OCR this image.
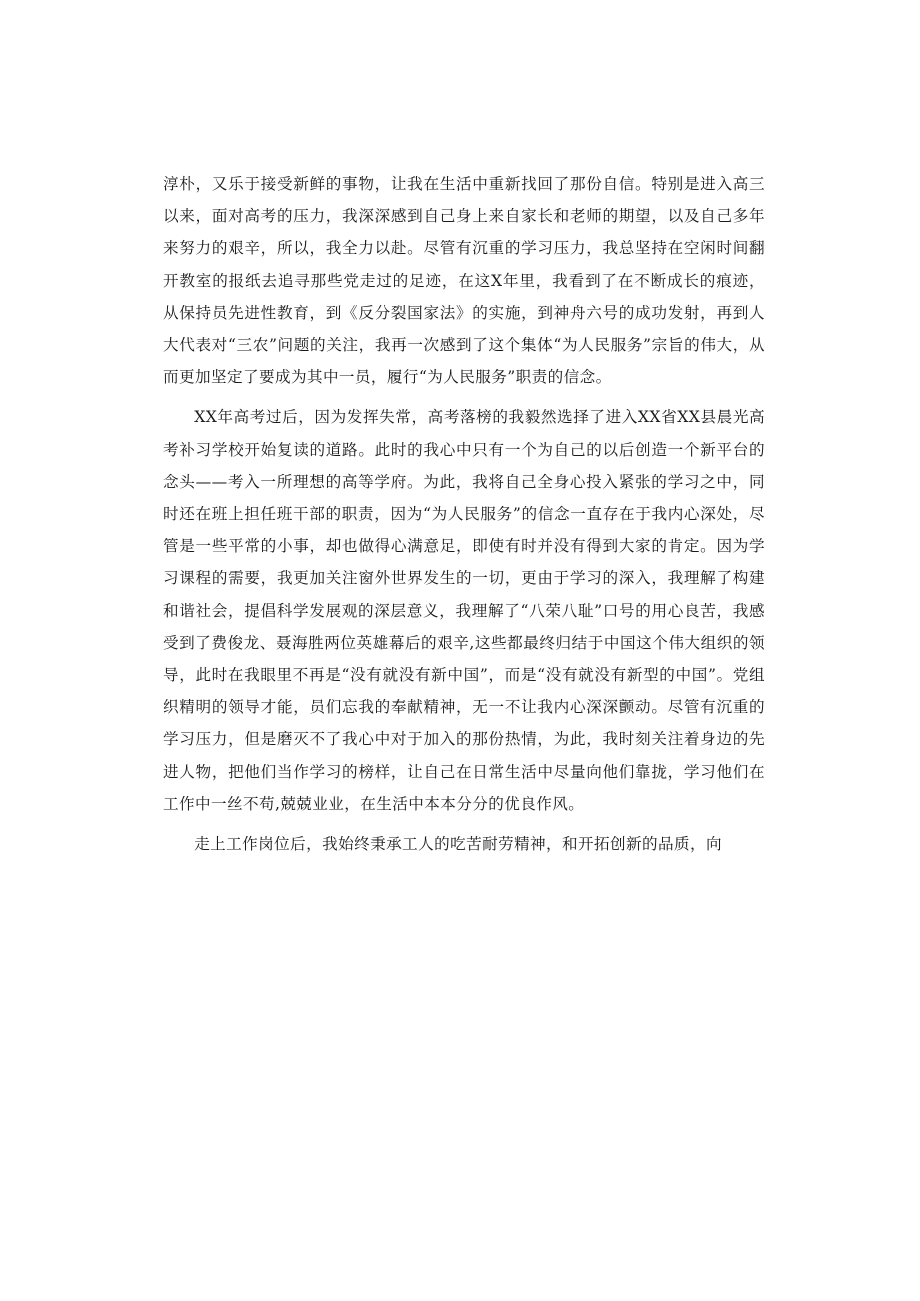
淳朴，又乐于接受新鲜的事物，让我在生活中重新找回了那份自信。特别是进入高三以来，面对高考的压力，我深深感到自己身上来自家长和老师的期望，以及自己多年来努力的艰辛，所以，我全力以赴。尽管有沉重的学习压力，我总坚持在空闲时间翻开教室的报纸去追寻那些党走过的足迹，在这X年里，我看到了在不断成长的痕迹，从保持员先进性教育，到《反分裂国家法》的实施，到神舟六号的成功发射，再到人大代表对“三农”问题的关注，我再一次感到了这个集体“为人民服务”宗旨的伟大，从而更加坚定了要成为其中一员，履行“为人民服务”职责的信念。

XX年高考过后，因为发挥失常，高考落榜的我毅然选择了进入XX省XX县晨光高考补习学校开始复读的道路。此时的我心中只有一个为自己的以后创造一个新平台的念头——考入一所理想的高等学府。为此，我将自己全身心投入紧张的学习之中，同时还在班上担任班干部的职责，因为“为人民服务”的信念一直存在于我内心深处，尽管是一些平常的小事，却也做得心满意足，即使有时并没有得到大家的肯定。因为学习课程的需要，我更加关注窗外世界发生的一切，更由于学习的深入，我理解了构建和谐社会，提倡科学发展观的深层意义，我理解了“八荣八耻”口号的用心良苦，我感受到了费俊龙、聂海胜两位英雄幕后的艰辛,这些都最终归结于中国这个伟大组织的领导，此时在我眼里不再是“没有就没有新中国”，而是“没有就没有新型的中国”。党组织精明的领导才能，员们忘我的奉献精神，无一不让我内心深深颤动。尽管有沉重的学习压力，但是磨灭不了我心中对于加入的那份热情，为此，我时刻关注着身边的先进人物，把他们当作学习的榜样，让自己在日常生活中尽量向他们靠拢，学习他们在工作中一丝不苟,兢兢业业，在生活中本本分分的优良作风。

走上工作岗位后，我始终秉承工人的吃苦耐劳精神，和开拓创新的品质，向
